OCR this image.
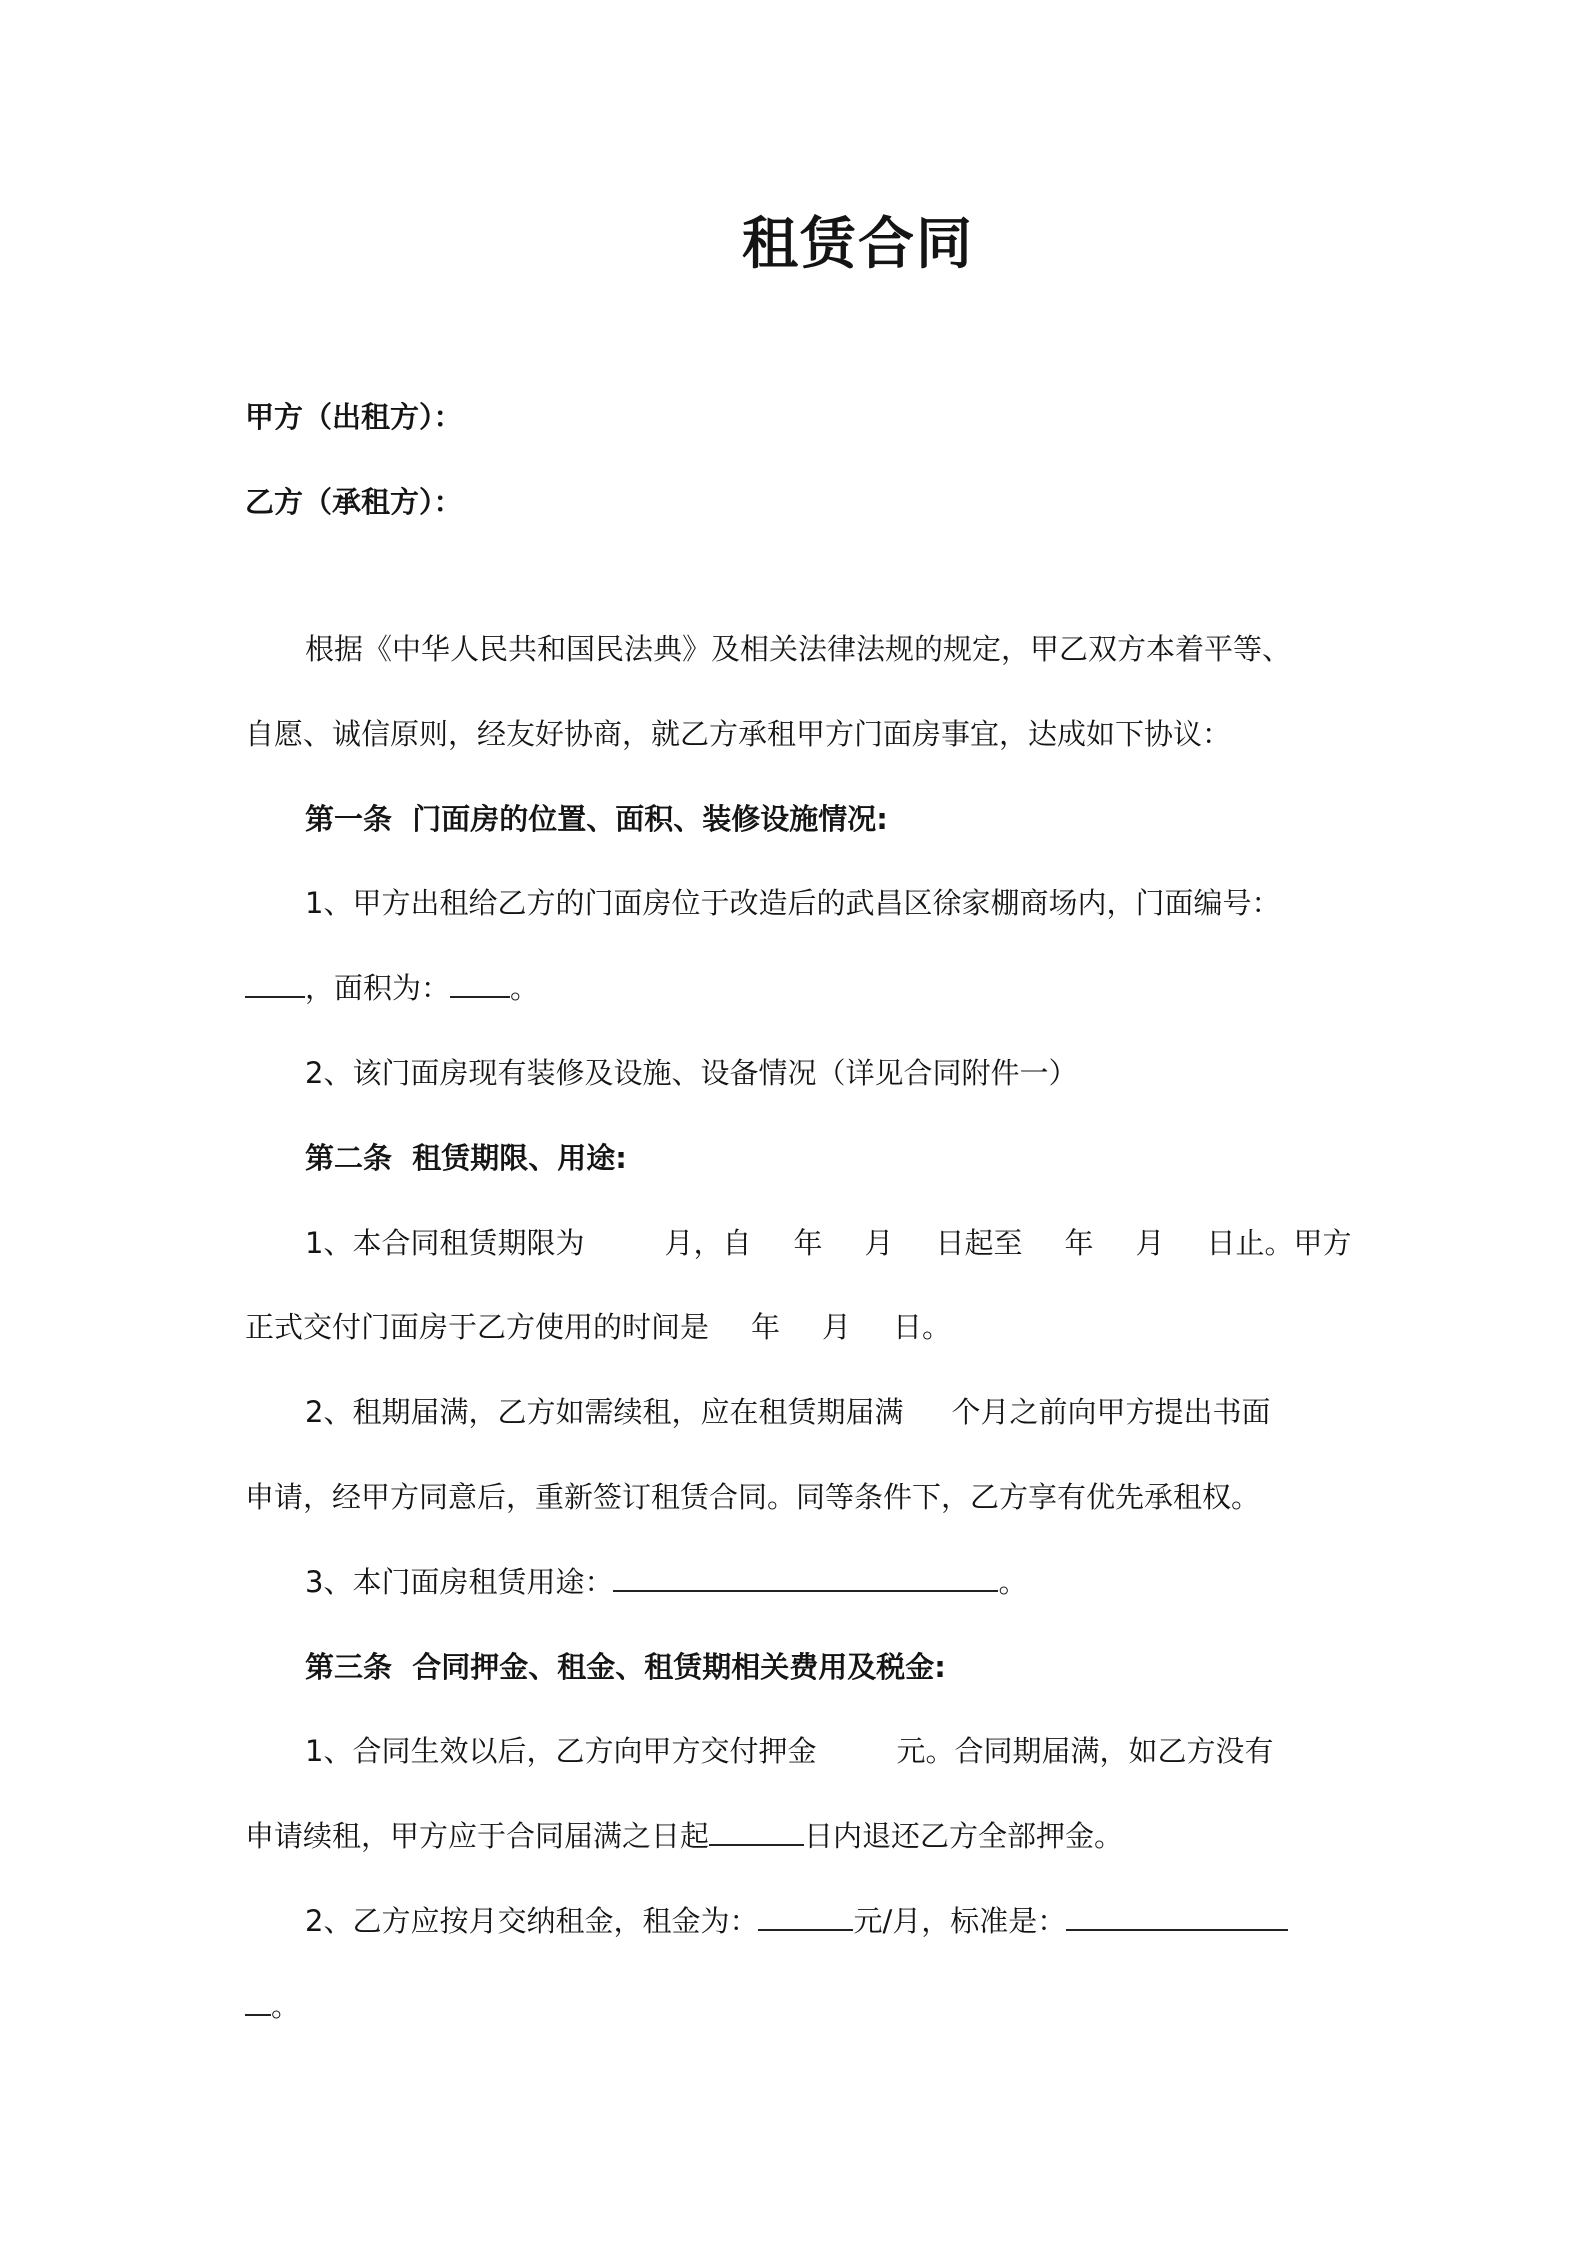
租赁合同
甲方（出租方）：
乙方（承租方）：
根据《中华人民共和国民法典》及相关法律法规的规定，甲乙双方本着平等、
自愿、诚信原则，经友好协商，就乙方承租甲方门面房事宜，达成如下协议：
第一条  门面房的位置、面积、装修设施情况:
1、甲方出租给乙方的门面房位于改造后的武昌区徐家棚商场内，门面编号：
，面积为： 。
2、该门面房现有装修及设施、设备情况（详见合同附件一）
第二条  租赁期限、用途:
1、本合同租赁期限为	月，自 年 月 日起至 年 月 日止。甲方
正式交付门面房于乙方使用的时间是 年 月 日。
2、租期届满，乙方如需续租，应在租赁期届满 个月之前向甲方提出书面
申请，经甲方同意后，重新签订租赁合同。同等条件下，乙方享有优先承租权。
3、本门面房租赁用途：	。
第三条  合同押金、租金、租赁期相关费用及税金:
1、合同生效以后，乙方向甲方交付押金	元。合同期届满，如乙方没有
申请续租，甲方应于合同届满之日起	日内退还乙方全部押金。
2、乙方应按月交纳租金，租金为：	元/月，标准是：
。
